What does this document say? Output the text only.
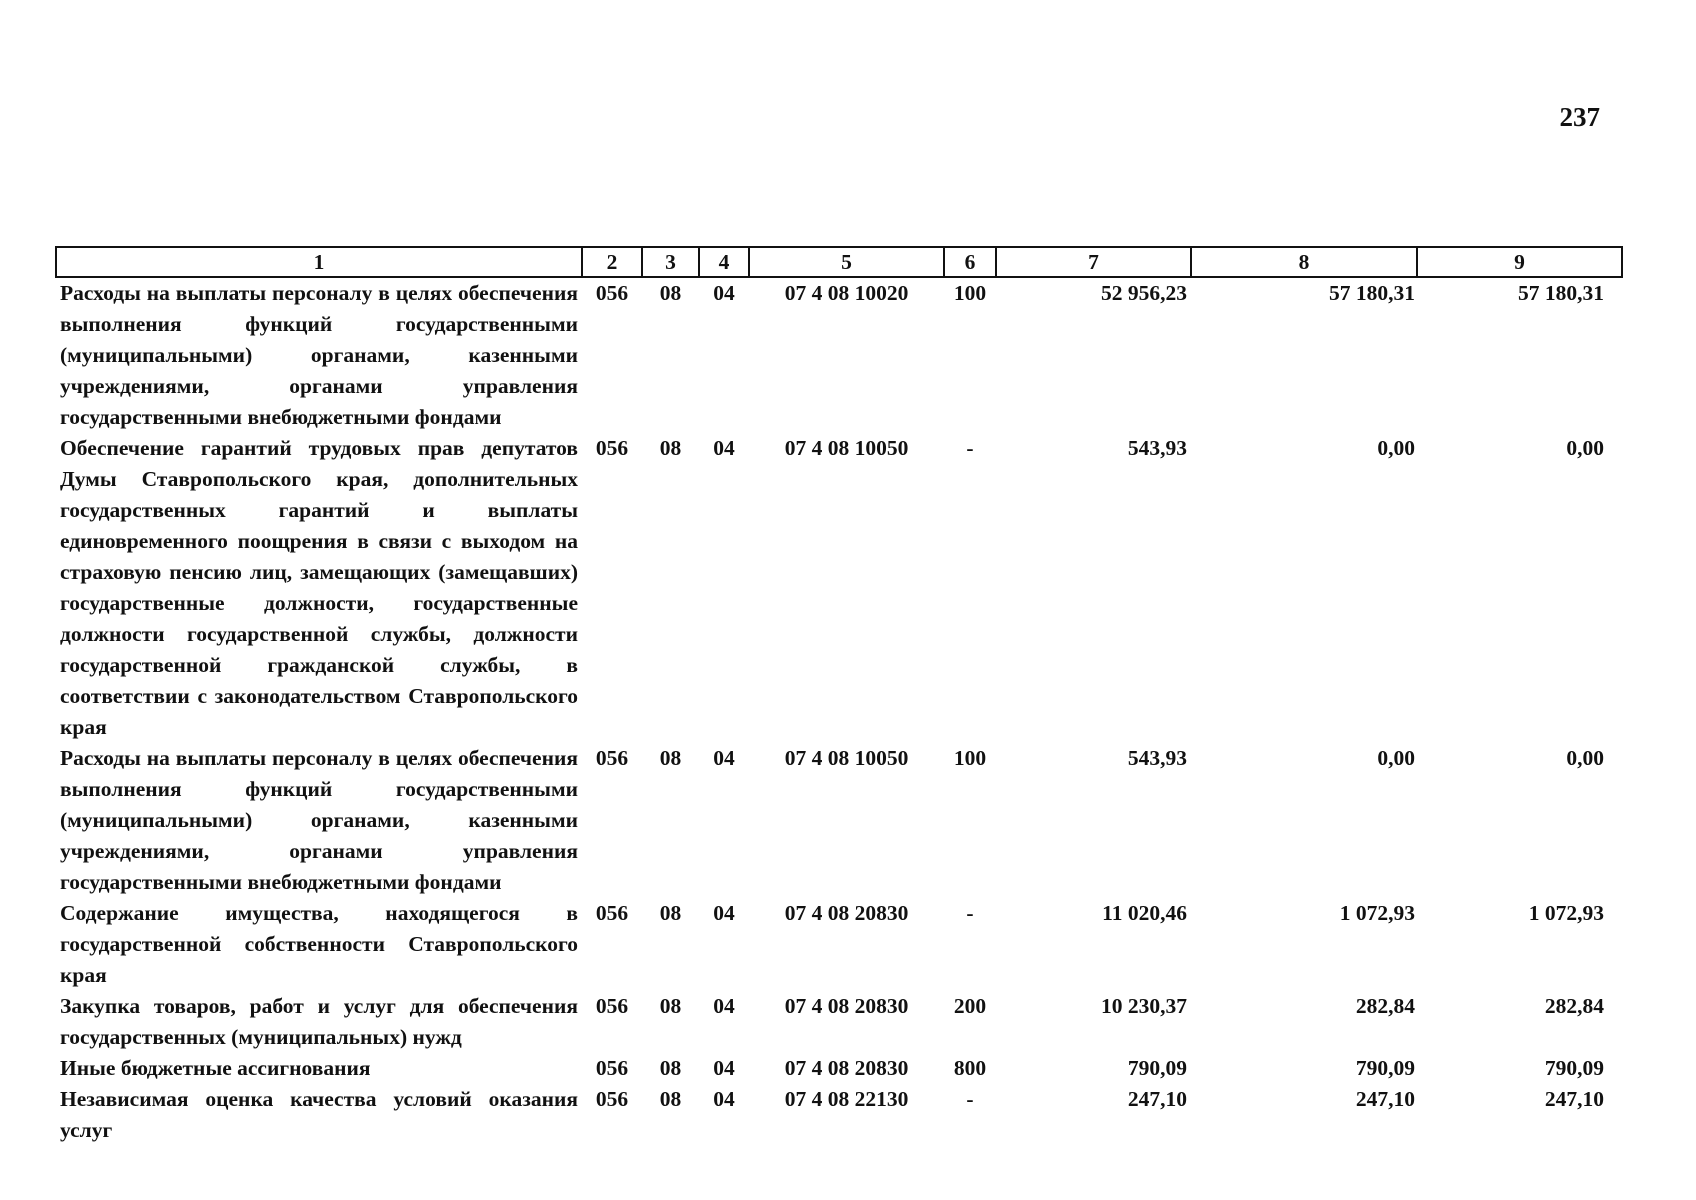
237
1	2	3	4	5	6	7	8	9
Расходы на выплаты персоналу в целях обеспечения выполнения функций государственными (муниципальными) органами, казенными учреждениями, органами управления государственными внебюджетными фондами	056	08	04	07 4 08 10020	100	52 956,23	57 180,31	57 180,31
Обеспечение гарантий трудовых прав депутатов Думы Ставропольского края, дополнительных государственных гарантий и выплаты единовременного поощрения в связи с выходом на страховую пенсию лиц, замещающих (замещавших) государственные должности, государственные должности государственной службы, должности государственной гражданской службы, в соответствии с законодательством Ставропольского края	056	08	04	07 4 08 10050	-	543,93	0,00	0,00
Расходы на выплаты персоналу в целях обеспечения выполнения функций государственными (муниципальными) органами, казенными учреждениями, органами управления государственными внебюджетными фондами	056	08	04	07 4 08 10050	100	543,93	0,00	0,00
Содержание имущества, находящегося в государственной собственности Ставропольского края	056	08	04	07 4 08 20830	-	11 020,46	1 072,93	1 072,93
Закупка товаров, работ и услуг для обеспечения государственных (муниципальных) нужд	056	08	04	07 4 08 20830	200	10 230,37	282,84	282,84
Иные бюджетные ассигнования	056	08	04	07 4 08 20830	800	790,09	790,09	790,09
Независимая оценка качества условий оказания услуг	056	08	04	07 4 08 22130	-	247,10	247,10	247,10
